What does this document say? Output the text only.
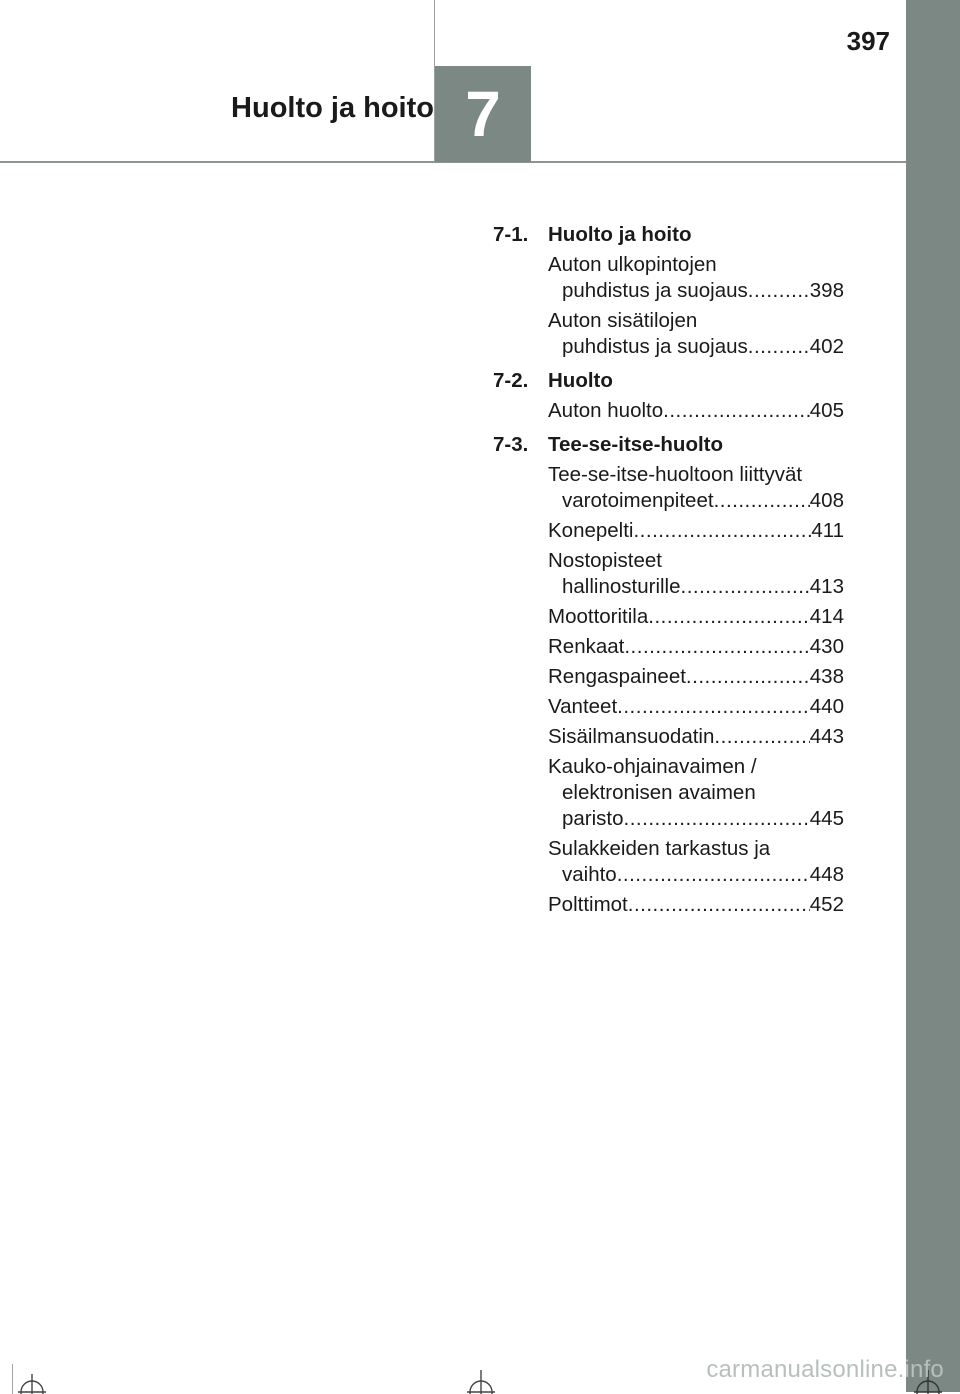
7
Huolto ja hoito
397
7-1. Huolto ja hoito
Auton ulkopintojen
puhdistus ja suojaus .....	398
Auton sisätilojen
puhdistus ja suojaus .....	402
7-2. Huolto
Auton huolto .....	405
7-3. Tee-se-itse-huolto
Tee-se-itse-huoltoon liittyvät
varotoimenpiteet .....	408
Konepelti .....	411
Nostopisteet
hallinosturille .....	413
Moottoritila .....	414
Renkaat .....	430
Rengaspaineet .....	438
Vanteet .....	440
Sisäilmansuodatin .....	443
Kauko-ohjainavaimen /
elektronisen avaimen
paristo .....	445
Sulakkeiden tarkastus ja
vaihto .....	448
Polttimot .....	452
carmanualsonline.info
